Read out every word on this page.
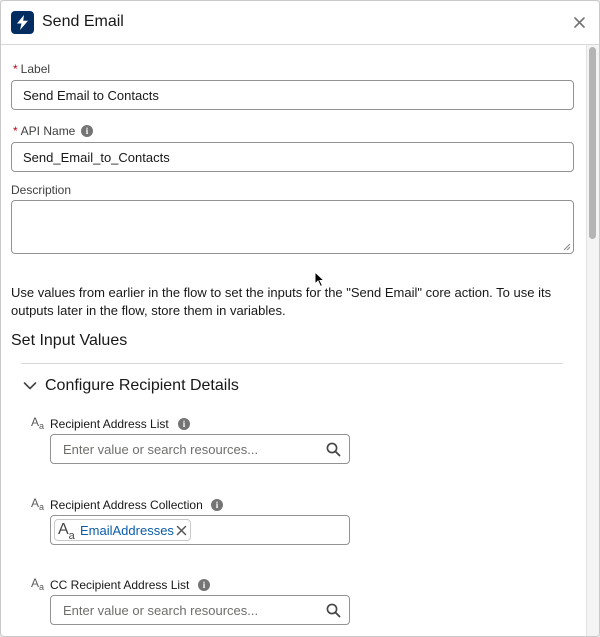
Send Email
* Label
Send Email to Contacts
* API Name	i
Send_Email_to_Contacts
Description
Use values from earlier in the flow to set the inputs for the "Send Email" core action. To use its outputs later in the flow, store them in variables.
Set Input Values
Configure Recipient Details
$A_a$ Recipient Address List	i
Enter value or search resources...
$A_a$ Recipient Address Collection	i
$A_a$ EmailAddresses
$A_a$ CC Recipient Address List	i
Enter value or search resources...
